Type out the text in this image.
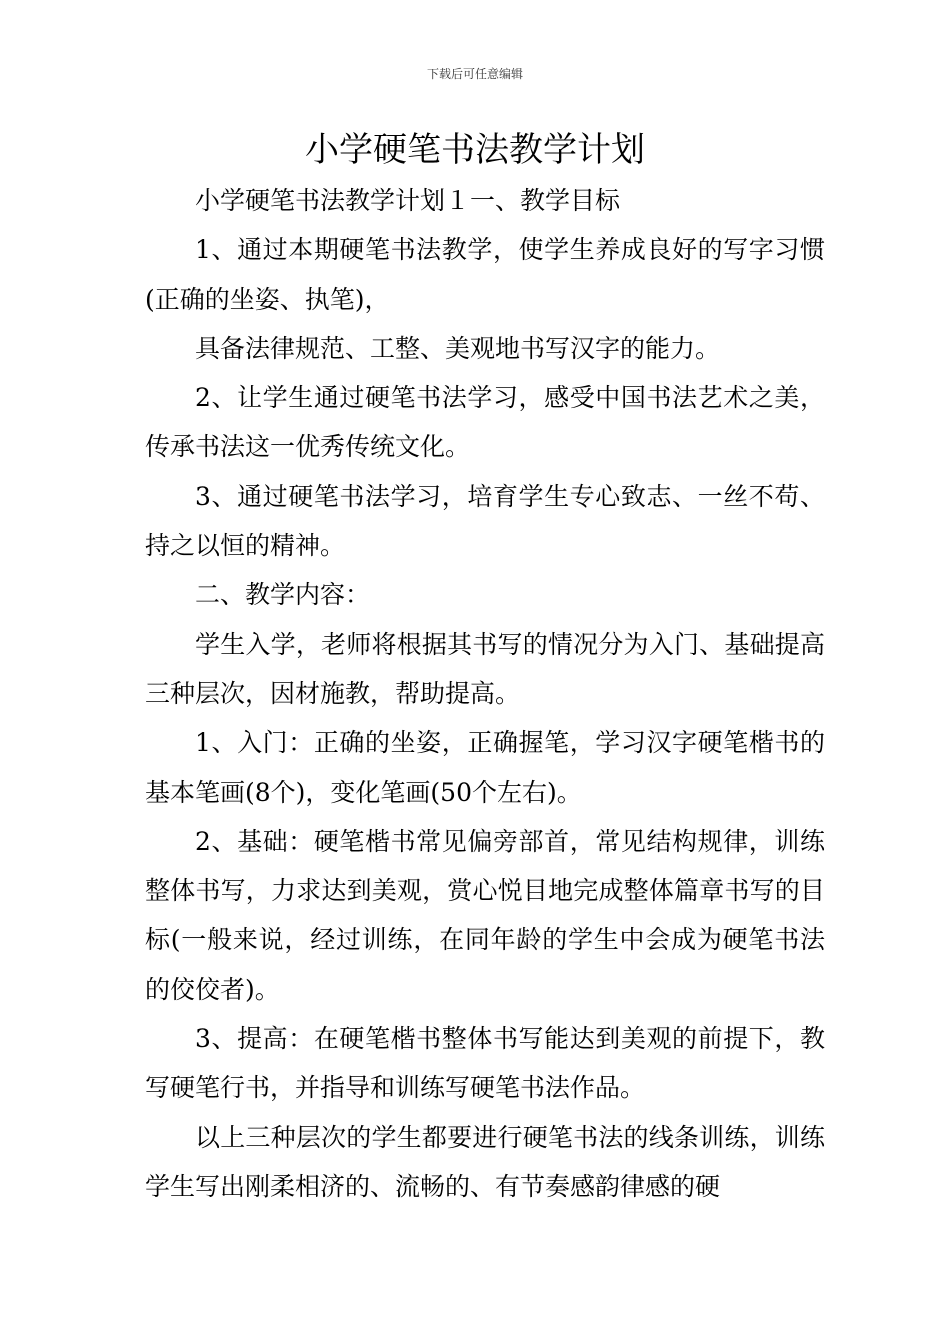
下载后可任意编辑
小学硬笔书法教学计划

小学硬笔书法教学计划１一、教学目标

1、通过本期硬笔书法教学，使学生养成良好的写字习惯(正确的坐姿、执笔)，

具备法律规范、工整、美观地书写汉字的能力。

2、让学生通过硬笔书法学习，感受中国书法艺术之美，传承书法这一优秀传统文化。

3、通过硬笔书法学习，培育学生专心致志、一丝不苟、持之以恒的精神。

二、教学内容：

学生入学，老师将根据其书写的情况分为入门、基础提高三种层次，因材施教，帮助提高。

1、入门：正确的坐姿，正确握笔，学习汉字硬笔楷书的基本笔画(8个)，变化笔画(50个左右)。

2、基础：硬笔楷书常见偏旁部首，常见结构规律，训练整体书写，力求达到美观，赏心悦目地完成整体篇章书写的目标(一般来说，经过训练，在同年龄的学生中会成为硬笔书法的佼佼者)。

3、提高：在硬笔楷书整体书写能达到美观的前提下，教写硬笔行书，并指导和训练写硬笔书法作品。

以上三种层次的学生都要进行硬笔书法的线条训练，训练学生写出刚柔相济的、流畅的、有节奏感韵律感的硬
